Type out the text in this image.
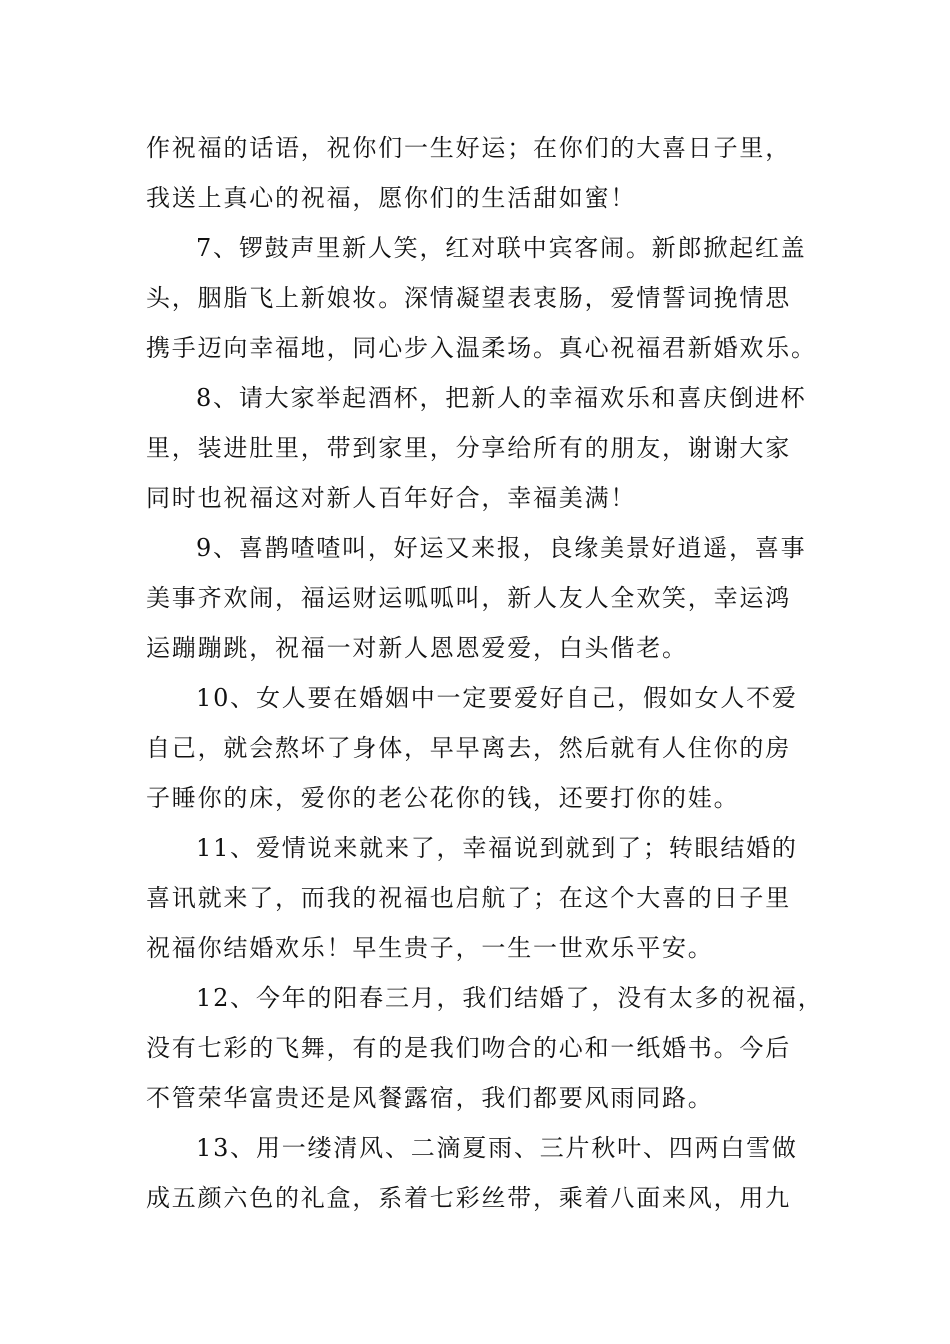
作祝福的话语，祝你们一生好运；在你们的大喜日子里，
我送上真心的祝福，愿你们的生活甜如蜜！
7、锣鼓声里新人笑，红对联中宾客闹。新郎掀起红盖
头，胭脂飞上新娘妆。深情凝望表衷肠，爱情誓词挽情思
携手迈向幸福地，同心步入温柔场。真心祝福君新婚欢乐。
8、请大家举起酒杯，把新人的幸福欢乐和喜庆倒进杯
里，装进肚里，带到家里，分享给所有的朋友，谢谢大家
同时也祝福这对新人百年好合，幸福美满！
9、喜鹊喳喳叫，好运又来报，良缘美景好逍遥，喜事
美事齐欢闹，福运财运呱呱叫，新人友人全欢笑，幸运鸿
运蹦蹦跳，祝福一对新人恩恩爱爱，白头偕老。
10、女人要在婚姻中一定要爱好自己，假如女人不爱
自己，就会熬坏了身体，早早离去，然后就有人住你的房
子睡你的床，爱你的老公花你的钱，还要打你的娃。
11、爱情说来就来了，幸福说到就到了；转眼结婚的
喜讯就来了，而我的祝福也启航了；在这个大喜的日子里
祝福你结婚欢乐！早生贵子，一生一世欢乐平安。
12、今年的阳春三月，我们结婚了，没有太多的祝福，
没有七彩的飞舞，有的是我们吻合的心和一纸婚书。今后
不管荣华富贵还是风餐露宿，我们都要风雨同路。
13、用一缕清风、二滴夏雨、三片秋叶、四两白雪做
成五颜六色的礼盒，系着七彩丝带，乘着八面来风，用九
